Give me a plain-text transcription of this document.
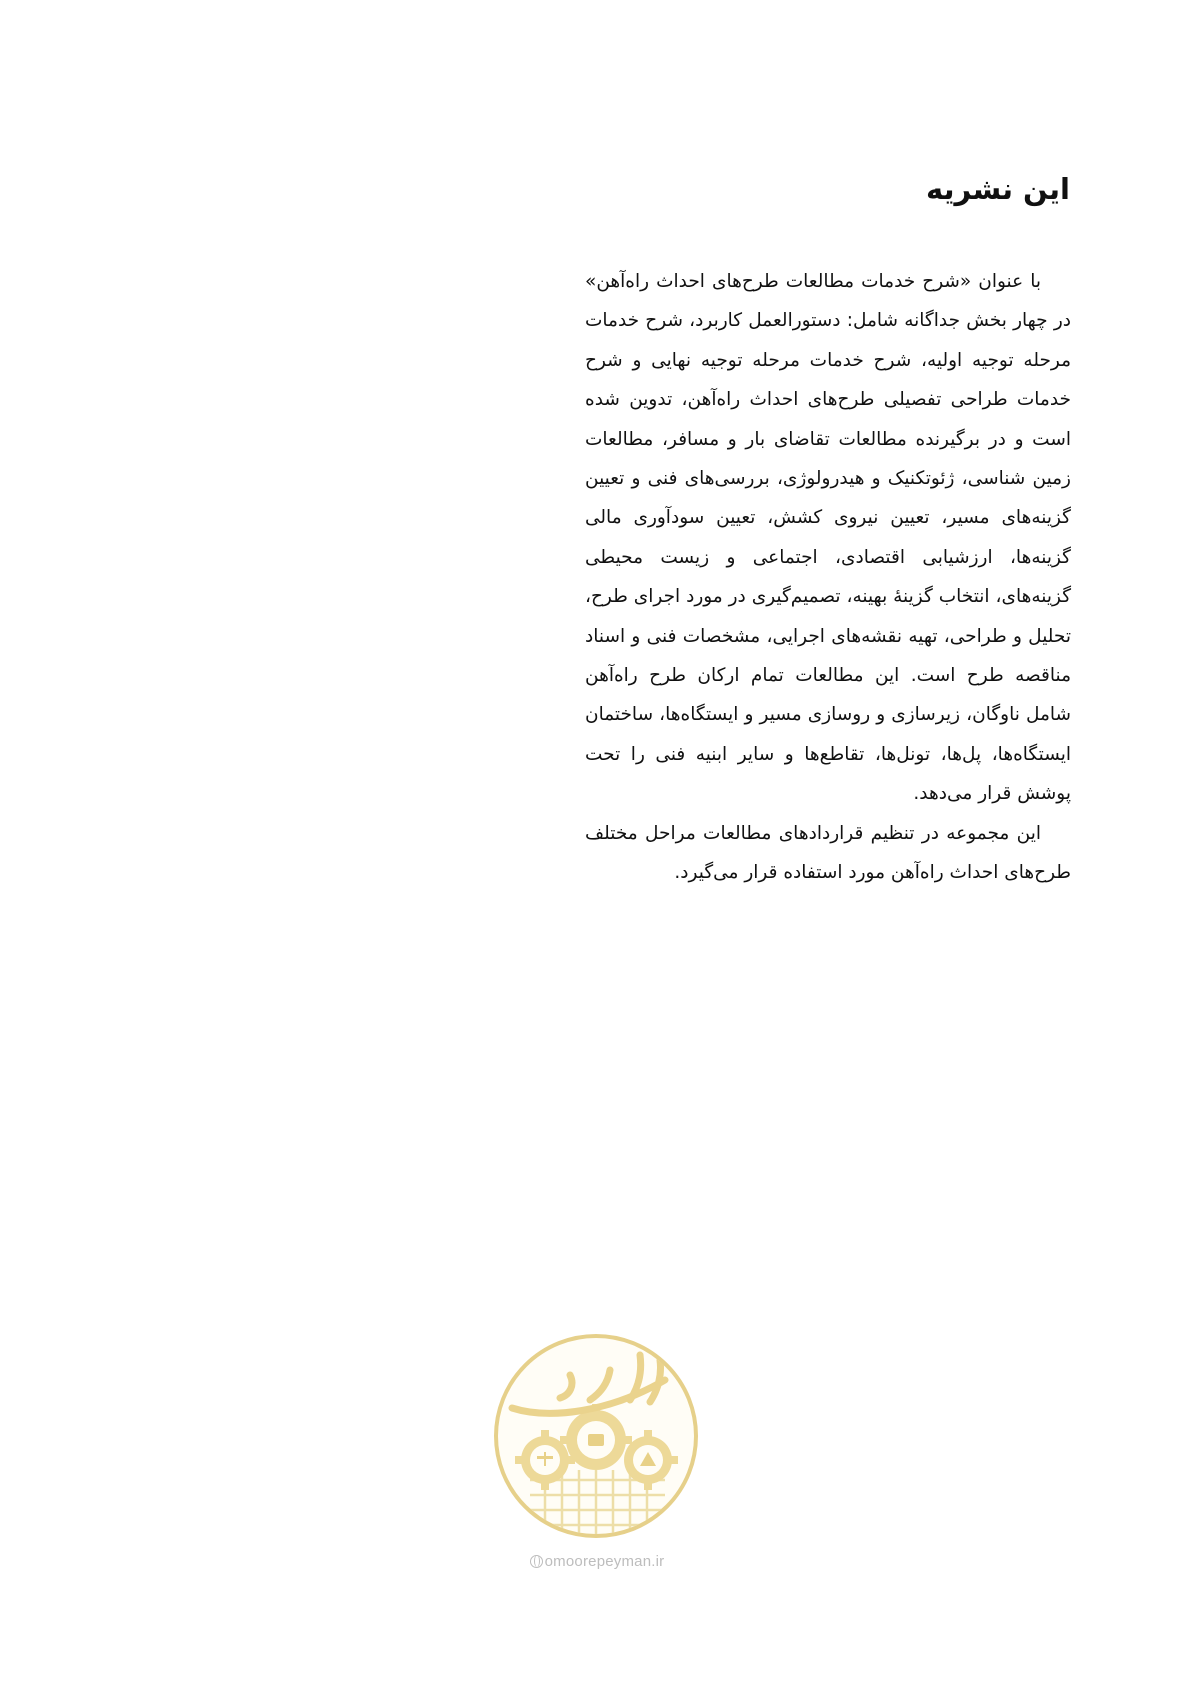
این نشریه

با عنوان «شرح خدمات مطالعات طرح‌های احداث راه‌آهن» در چهار بخش جداگانه شامل: دستورالعمل کاربرد، شرح خدمات مرحله توجیه اولیه، شرح خدمات مرحله توجیه نهایی و شرح خدمات طراحی تفصیلی طرح‌های احداث راه‌آهن، تدوین شده است و در برگیرنده مطالعات تقاضای بار و مسافر، مطالعات زمین شناسی، ژئوتکنیک و هیدرولوژی، بررسی‌های فنی و تعیین گزینه‌های مسیر، تعیین نیروی کشش، تعیین سودآوری مالی گزینه‌ها، ارزشیابی اقتصادی، اجتماعی و زیست محیطی گزینه‌های، انتخاب گزینهٔ بهینه، تصمیم‌گیری در مورد اجرای طرح، تحلیل و طراحی، تهیه نقشه‌های اجرایی، مشخصات فنی و اسناد مناقصه طرح است. این مطالعات تمام ارکان طرح راه‌آهن شامل ناوگان، زیرسازی و روسازی مسیر و ایستگاه‌ها، ساختمان ایستگاه‌ها، پل‌ها، تونل‌ها، تقاطع‌ها و سایر ابنیه فنی را تحت پوشش قرار می‌دهد.

این مجموعه در تنظیم قراردادهای مطالعات مراحل مختلف طرح‌های احداث راه‌آهن مورد استفاده قرار می‌گیرد.

omoorepeyman.ir
